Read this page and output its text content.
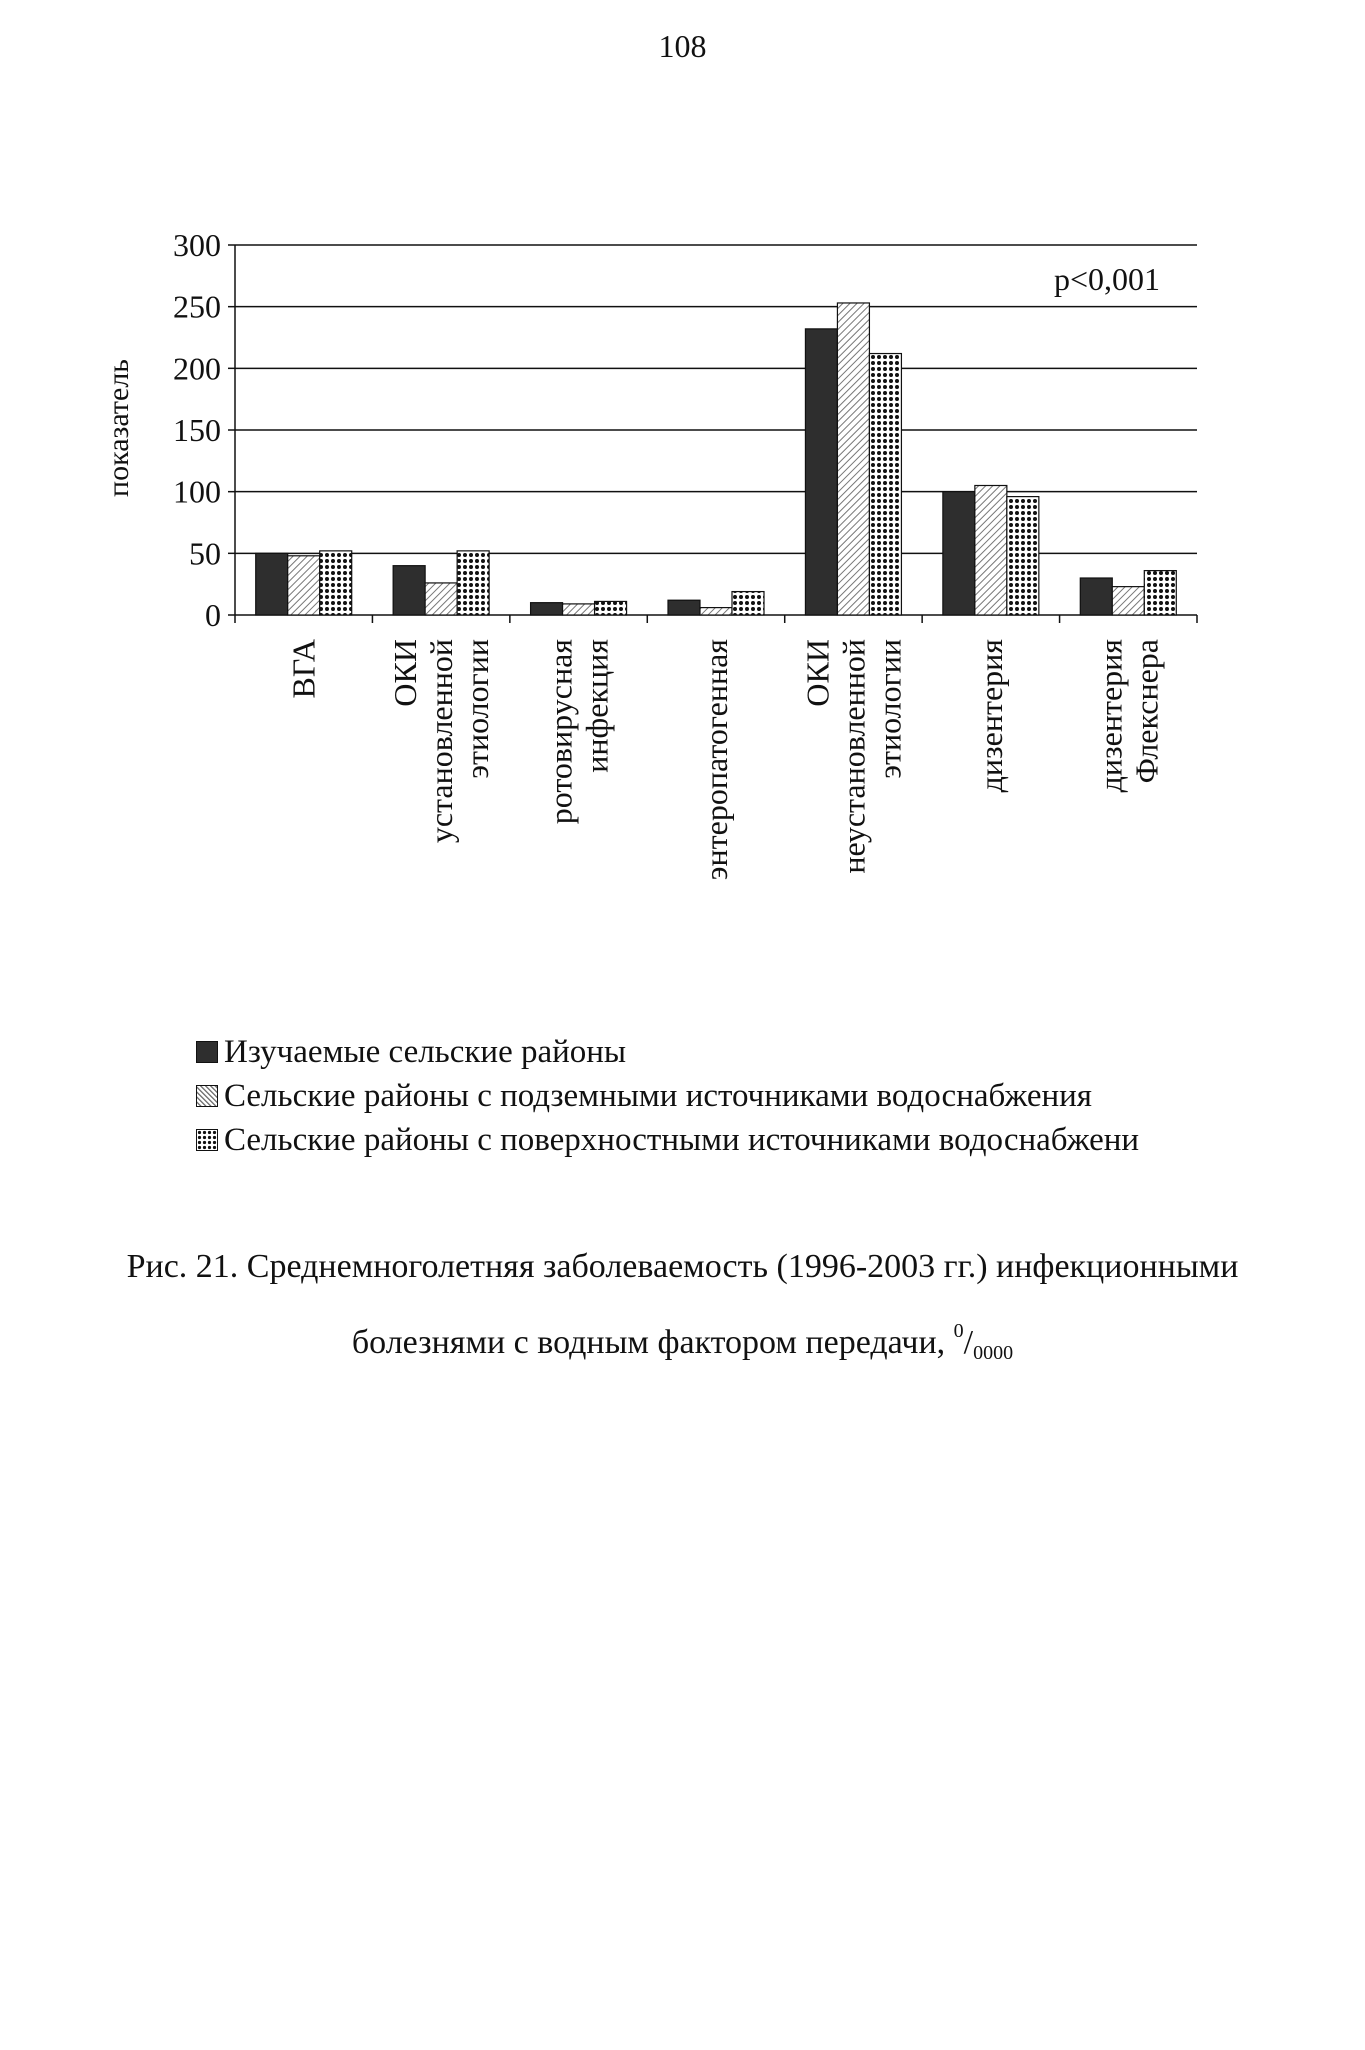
108
0
50
100
150
200
250
300
ВГА ОКИ установленной этиологии ротовирусная инфекция	энтеропатогенная ОКИ неустановленной этиологии дизентерия	дизентерия Флекснера
показатель
p<0,001
Изучаемые сельские районы
Сельские районы с подземными источниками водоснабжения
Сельские районы с поверхностными источниками водоснабжени
Рис. 21. Среднемноголетняя заболеваемость (1996-2003 гг.) инфекционными
болезнями с водным фактором передачи, $^0/_{0000}$
